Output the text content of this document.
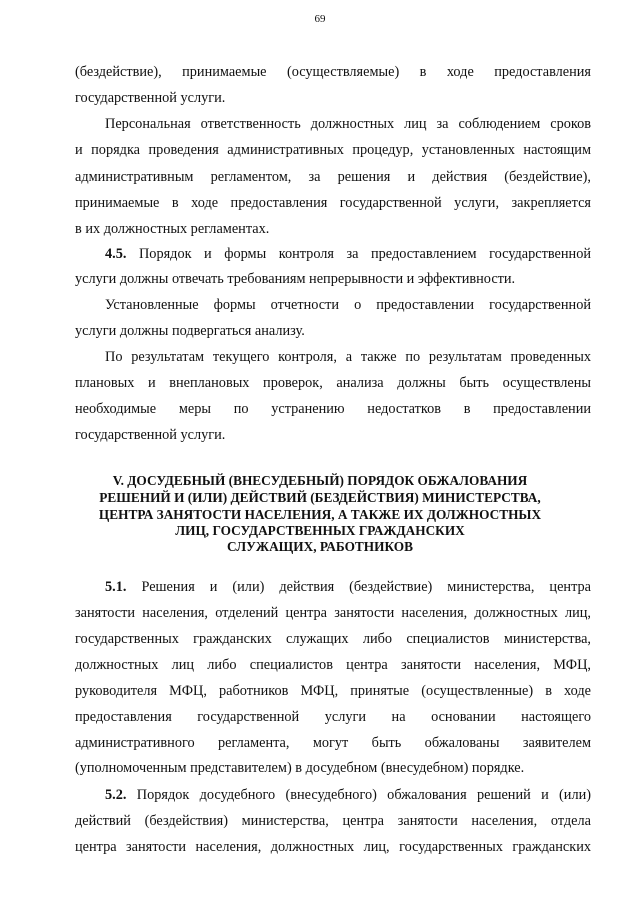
69
(бездействие), принимаемые (осуществляемые) в ходе предоставления
государственной услуги.
Персональная ответственность должностных лиц за соблюдением сроков
и порядка проведения административных процедур, установленных настоящим
административным регламентом, за решения и действия (бездействие),
принимаемые в ходе предоставления государственной услуги, закрепляется
в их должностных регламентах.
4.5. Порядок и формы контроля за предоставлением государственной
услуги должны отвечать требованиям непрерывности и эффективности.
Установленные формы отчетности о предоставлении государственной
услуги должны подвергаться анализу.
По результатам текущего контроля, а также по результатам проведенных
плановых и внеплановых проверок, анализа должны быть осуществлены
необходимые меры по устранению недостатков в предоставлении
государственной услуги.
V. ДОСУДЕБНЫЙ (ВНЕСУДЕБНЫЙ) ПОРЯДОК ОБЖАЛОВАНИЯ
РЕШЕНИЙ И (ИЛИ) ДЕЙСТВИЙ (БЕЗДЕЙСТВИЯ) МИНИСТЕРСТВА,
ЦЕНТРА ЗАНЯТОСТИ НАСЕЛЕНИЯ, А ТАКЖЕ ИХ ДОЛЖНОСТНЫХ
ЛИЦ, ГОСУДАРСТВЕННЫХ ГРАЖДАНСКИХ
СЛУЖАЩИХ, РАБОТНИКОВ
5.1. Решения и (или) действия (бездействие) министерства, центра
занятости населения, отделений центра занятости населения, должностных лиц,
государственных гражданских служащих либо специалистов министерства,
должностных лиц либо специалистов центра занятости населения, МФЦ,
руководителя МФЦ, работников МФЦ, принятые (осуществленные) в ходе
предоставления государственной услуги на основании настоящего
административного регламента, могут быть обжалованы заявителем
(уполномоченным представителем) в досудебном (внесудебном) порядке.
5.2. Порядок досудебного (внесудебного) обжалования решений и (или)
действий (бездействия) министерства, центра занятости населения, отдела
центра занятости населения, должностных лиц, государственных гражданских
